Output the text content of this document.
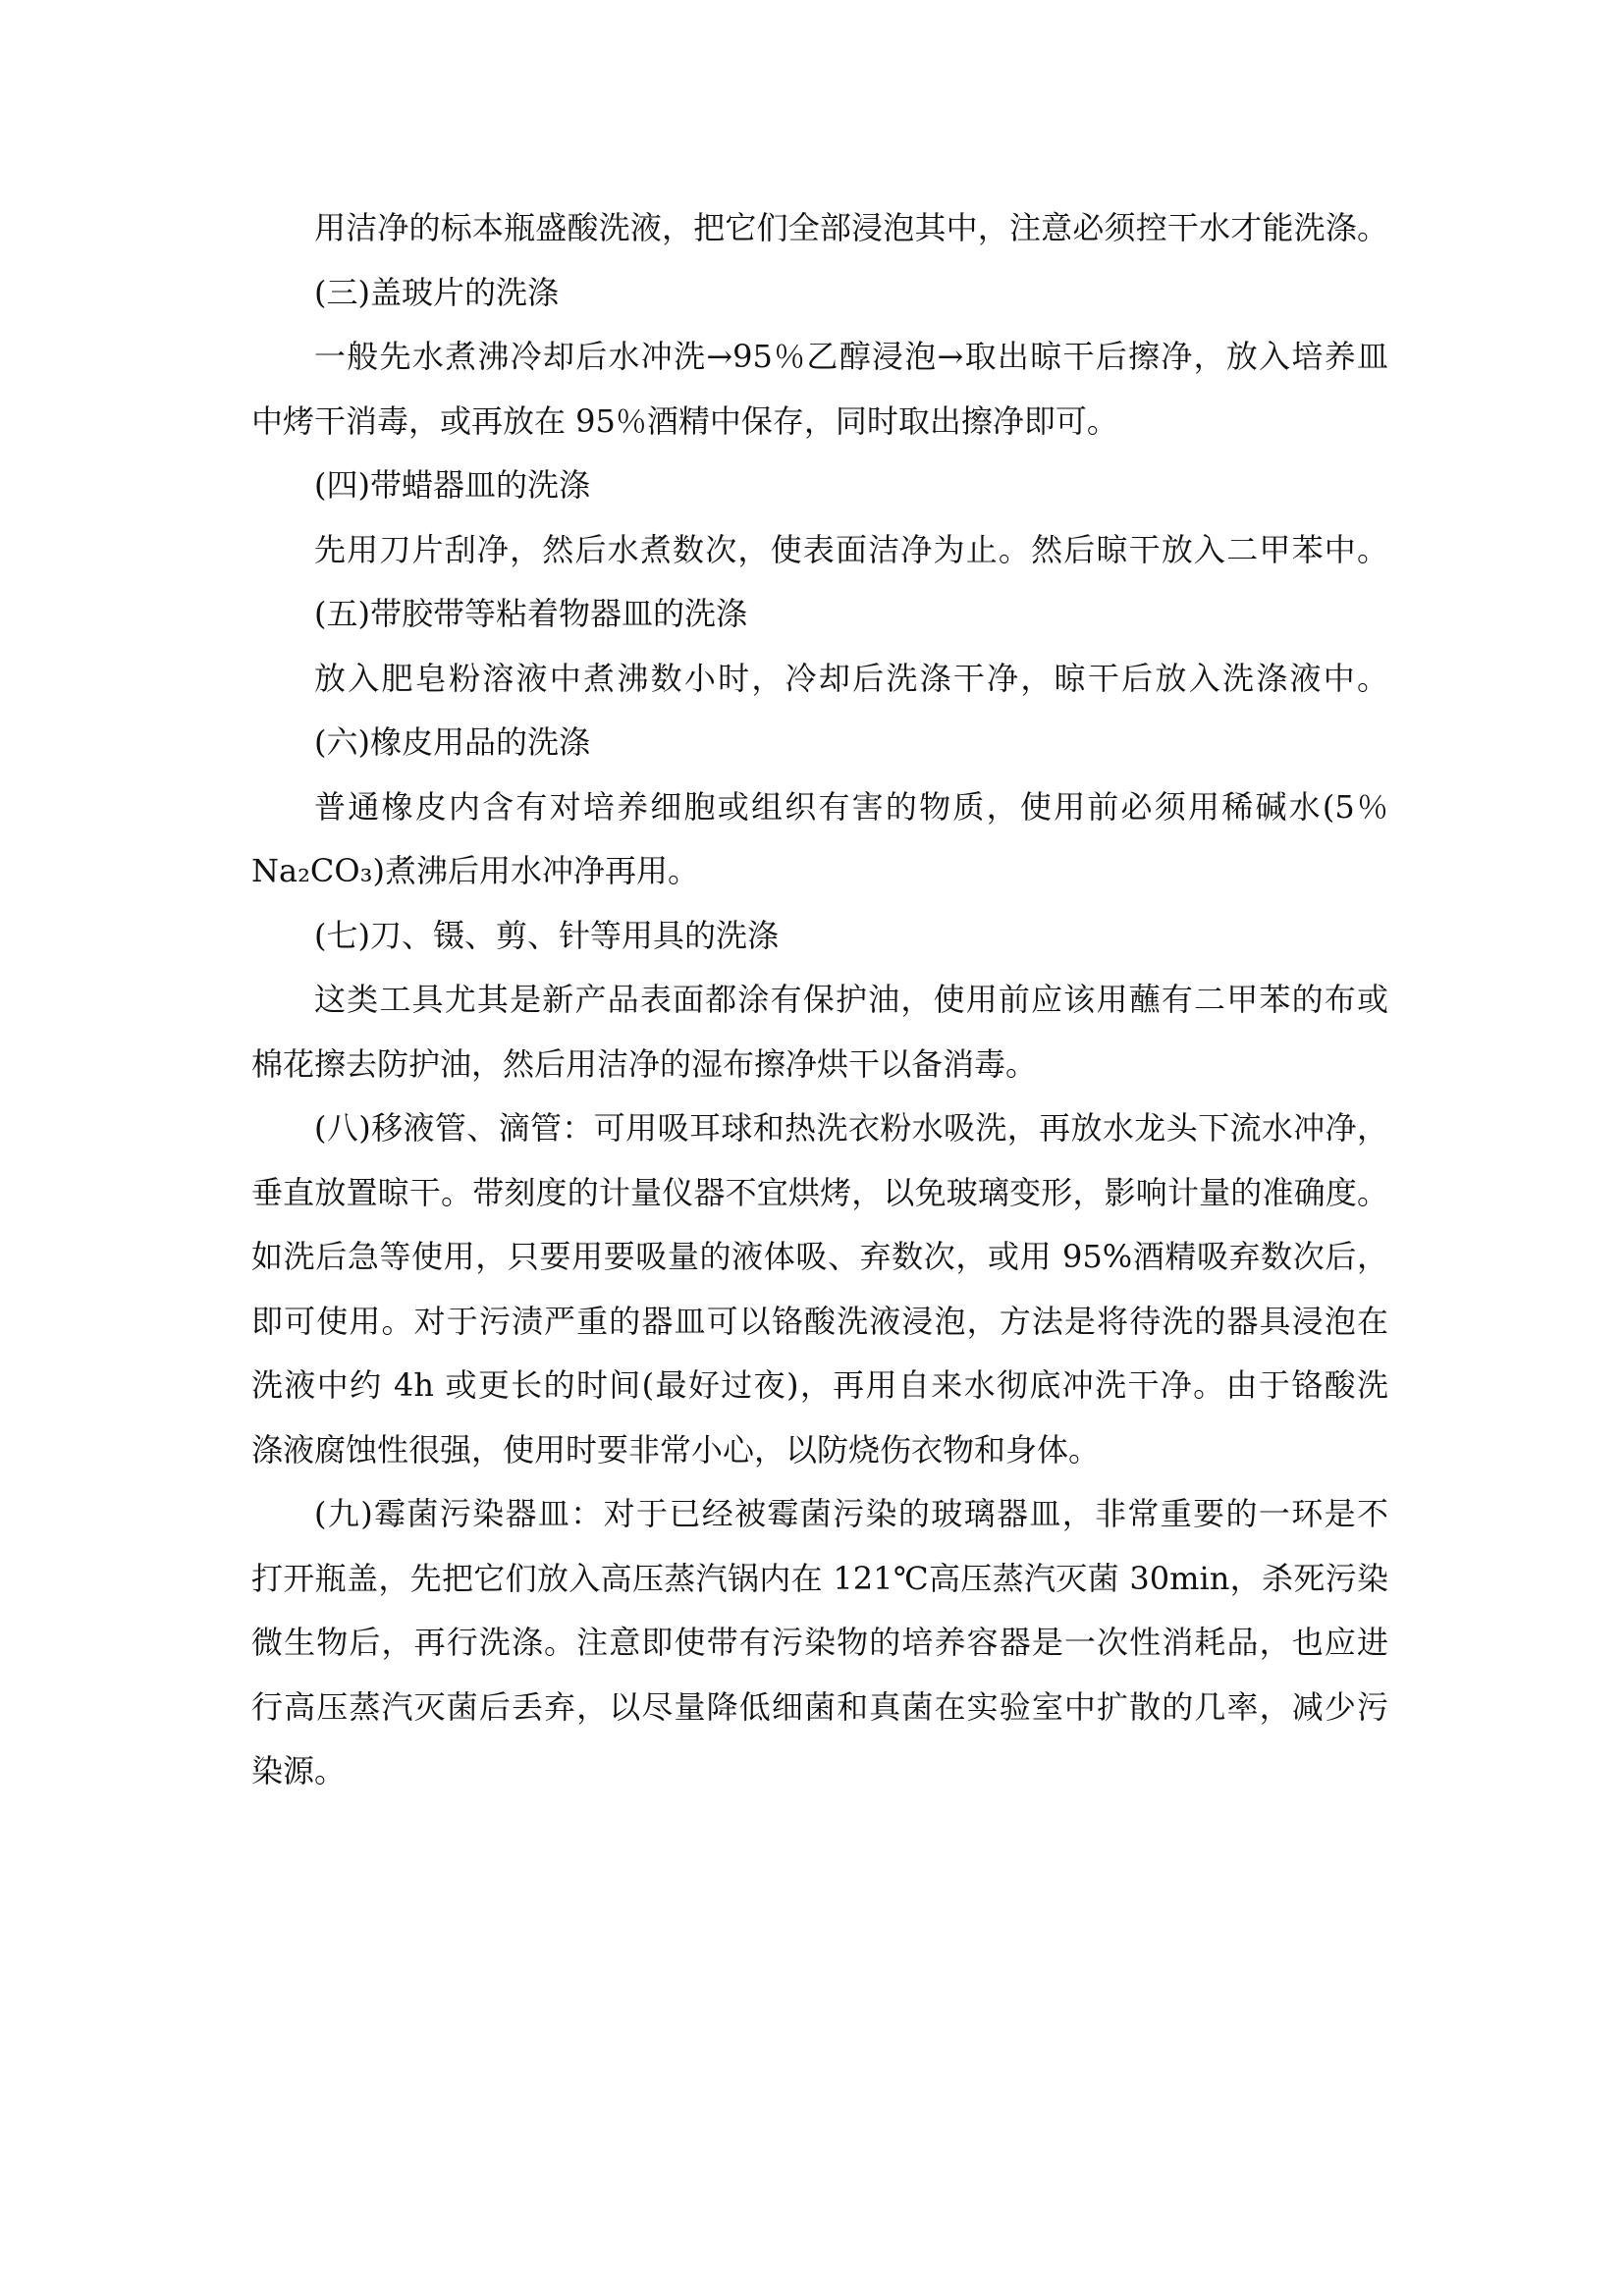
用洁净的标本瓶盛酸洗液，把它们全部浸泡其中，注意必须控干水才能洗涤。

(三)盖玻片的洗涤

一般先水煮沸冷却后水冲洗→95％乙醇浸泡→取出晾干后擦净，放入培养皿

中烤干消毒，或再放在 95％酒精中保存，同时取出擦净即可。

(四)带蜡器皿的洗涤

先用刀片刮净，然后水煮数次，使表面洁净为止。然后晾干放入二甲苯中。

(五)带胶带等粘着物器皿的洗涤

放入肥皂粉溶液中煮沸数小时，冷却后洗涤干净，晾干后放入洗涤液中。

(六)橡皮用品的洗涤

普通橡皮内含有对培养细胞或组织有害的物质，使用前必须用稀碱水(5％

Na₂CO₃)煮沸后用水冲净再用。

(七)刀、镊、剪、针等用具的洗涤

这类工具尤其是新产品表面都涂有保护油，使用前应该用蘸有二甲苯的布或

棉花擦去防护油，然后用洁净的湿布擦净烘干以备消毒。

(八)移液管、滴管：可用吸耳球和热洗衣粉水吸洗，再放水龙头下流水冲净，

垂直放置晾干。带刻度的计量仪器不宜烘烤，以免玻璃变形，影响计量的准确度。

如洗后急等使用，只要用要吸量的液体吸、弃数次，或用 95%酒精吸弃数次后，

即可使用。对于污渍严重的器皿可以铬酸洗液浸泡，方法是将待洗的器具浸泡在

洗液中约 4h 或更长的时间(最好过夜)，再用自来水彻底冲洗干净。由于铬酸洗

涤液腐蚀性很强，使用时要非常小心，以防烧伤衣物和身体。

(九)霉菌污染器皿：对于已经被霉菌污染的玻璃器皿，非常重要的一环是不

打开瓶盖，先把它们放入高压蒸汽锅内在 121℃高压蒸汽灭菌 30min，杀死污染

微生物后，再行洗涤。注意即使带有污染物的培养容器是一次性消耗品，也应进

行高压蒸汽灭菌后丢弃，以尽量降低细菌和真菌在实验室中扩散的几率，减少污

染源。
